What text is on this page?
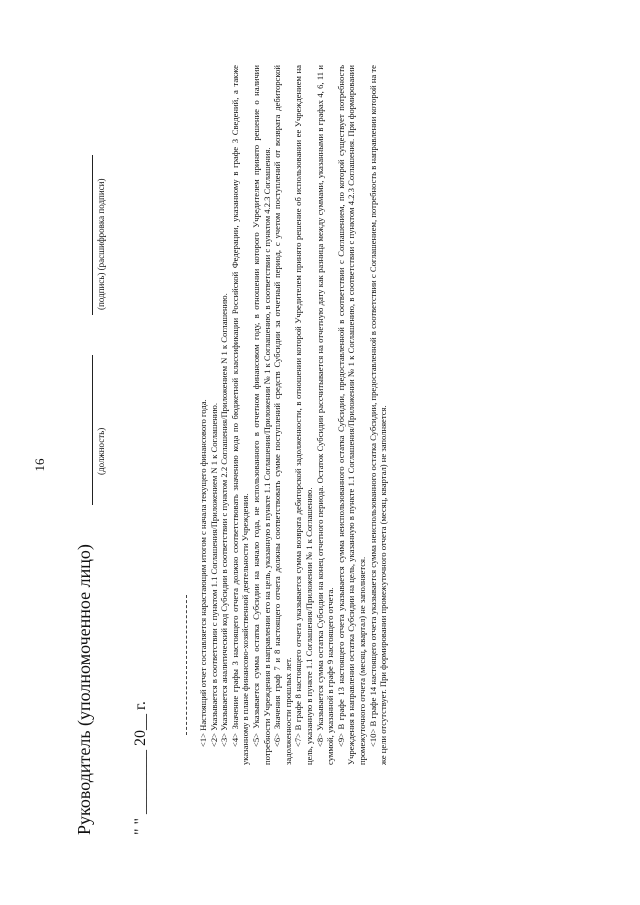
16
Руководитель (уполномоченное лицо)
(должность)
(подпись) (расшифровка подписи)
" " ________ 20__ г.

<1> Настоящий отчет составляется нарастающим итогом с начала текущего финансового года. <2> Указывается в соответствии с пунктом 1.1 Соглашения/Приложением N 1 к Соглашению. <3> Указывается аналитический код Субсидии в соответствии с пунктом 2.2 Соглашения/Приложением N 1 к Соглашению. <4> Значение графы 3 настоящего отчета должно соответствовать значению кода по бюджетной классификации Российской Федерации, указанному в графе 3 Сведений, а также указанному в плане финансово-хозяйственной деятельности Учреждения. <5> Указывается сумма остатка Субсидии на начало года, не использованного в отчетном финансовом году, в отношении которого Учредителем принято решение о наличии потребности Учреждения в направлении его на цель, указанную в пункте 1.1 Соглашения/Приложении № 1 к Соглашению, в соответствии с пунктом 4.2.3 Соглашения. <6> Значения граф 7 и 8 настоящего отчета должны соответствовать сумме поступлений средств Субсидии за отчетный период, с учетом поступлений от возврата дебиторской задолженности прошлых лет. <7> В графе 8 настоящего отчета указывается сумма возврата дебиторской задолженности, в отношении которой Учредителем принято решение об использовании ее Учреждением на цель, указанную в пункте 1.1 Соглашения/Приложении № 1 к Соглашению. <8> Указывается сумма остатка Субсидии на конец отчетного периода. Остаток Субсидии рассчитывается на отчетную дату как разница между суммами, указанными в графах 4, 6, 11 и суммой, указанной в графе 9 настоящего отчета. <9> В графе 13 настоящего отчета указывается сумма неиспользованного остатка Субсидии, предоставленной в соответствии с Соглашением, по которой существует потребность Учреждения в направлении остатка Субсидии на цель, указанную в пункте 1.1 Соглашения/Приложении № 1 к Соглашению, в соответствии с пунктом 4.2.3 Соглашения. При формировании промежуточного отчета (месяц, квартал) не заполняется. <10> В графе 14 настоящего отчета указывается сумма неиспользованного остатка Субсидии, предоставленной в соответствии с Соглашением, потребность в направлении которой на те же цели отсутствует. При формировании промежуточного отчета (месяц, квартал) не заполняется.
